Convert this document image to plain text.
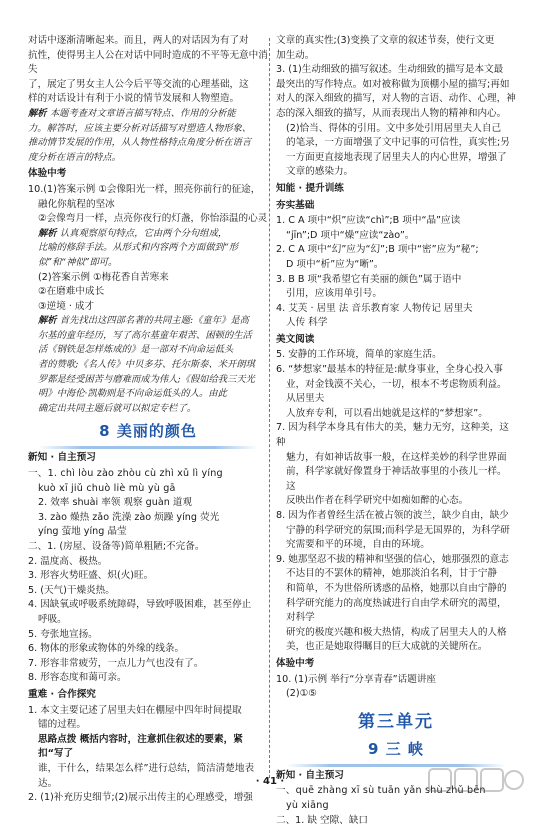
对话中逐渐清晰起来。而且，两人的对话因为有了对

抗性，使得男主人公在对话中同时造成的不平等无意中消失

了，展定了男女主人公今后平等交流的心理基础，这

样的对话设计有利于小说的情节发展和人物塑造。

解析 本题考查对文章语言描写特点、作用的分析能

力。解答时，应该主要分析对话描写对塑造人物形象、

推动情节发展的作用，从人物性格特点角度分析在语言

度分析在语言的特点。

体验中考

10.(1)答案示例 ①会像阳光一样，照亮你前行的征途，

融化你航程的坚冰

②会像弯月一样，点亮你夜行的灯盏，你怡添温的心灵

解析 认真观察原句特点，它由两个分句组成，

比喻的修辞手法。从形式和内容两个方面做到“形

似”和“神似”即可。

(2)答案示例 ①梅花香自苦寒来

②在磨难中成长

③逆境 · 成才

解析 首先找出这四部名著的共同主题:《童年》是高

尔基的童年经历，写了高尔基童年艰苦、困顿的生活

活《钢铁是怎样炼成的》是一部对不向命运低头

者的赞歌;《名人传》中贝多芬、托尔斯泰、米开朗琪

罗都是经受困苦与磨难而成为伟人;《假如给我三天光

明》中海伦·凯勒则是不向命运低头的人。由此

确定出共同主题后就可以拟定专栏了。

8 美丽的颜色

新知 · 自主预习

一、1. chì lòu zào zhòu cù zhì xǔ lì yíng

kuò xī jiǔ chuò liè mù yù gā

2. 效率 shuài 率领 观察 guàn 道观

3. zào 燥热 zǎo 洗澡 zào 烦躁 yíng 荧光

yíng 萤地 yíng 晶莹

二、1. (房屋、设备等)简单粗陋;不完备。

2. 温度高、极热。

3. 形容火势旺盛、炽(火)旺。

5. (天气)干燥炎热。

4. 因缺氧或呼吸系统障碍，导致呼吸困难，甚至停止

呼吸。

5. 夸张地宣扬。

6. 物体的形象或物体的外缘的线条。

7. 形容非常疲劳，一点儿力气也没有了。

8. 形容态度和蔼可亲。

重难 · 合作探究

1. 本文主要记述了居里夫妇在棚屋中四年时间提取

镭的过程。

思路点拨 概括内容时，注意抓住叙述的要素，紧扣“写了

谁，干什么，结果怎么样”进行总结，简洁清楚地表达。

2. (1)补充历史细节;(2)展示出传主的心理感受，增强

文章的真实性;(3)变换了文章的叙述节奏，使行文更

加生动。

3. (1)生动细致的描写叙述。生动细致的描写是本文最

最突出的写作特点。如对被称做为顶棚小屋的描写;再如

对人的深入细致的描写，对人物的言语、动作、心理，神

态的深入细致的描写，从而表现出人物的精神和内心。

(2)恰当、得体的引用。文中多处引用居里夫人自己

的笔录，一方面增强了文中记事的可信性，真实性;另

一方面更直接地表现了居里夫人的内心世界，增强了

文章的感染力。

知能 · 提升训练

夯实基础

1. C A 项中“炽”应读“chì”;B 项中“晶”应读

“jīn”;D 项中“燥”应读“zào”。

2. C A 项中“幻”应为“幻”;B 项中“密”应为“秘”;

D 项中“析”应为“晰”。

3. B B 项“我希望它有美丽的颜色”属于语中

引用，应该用单引号。

4. 艾芙 · 居里 法 音乐教育家 人物传记 居里夫

人传 科学

美文阅读

5. 安静的工作环境，简单的家庭生活。

6. “梦想家”最基本的特征是:献身事业，全身心投入事

业，对金钱漠不关心，一切，根本不考虑物质利益。从居里夫

人放弃专利，可以看出她就是这样的“梦想家”。

7. 因为科学本身具有伟大的美，魅力无穷，这种美，这种

魅力，有如神话故事一般，在这样美妙的科学世界面

前，科学家就好像置身于神话故事里的小孩儿一样。这

反映出作者在科学研究中如痴如醉的心态。

8. 因为作者曾经生活在被占领的波兰，缺少自由，缺少

宁静的科学研究的氛围;而科学是无国界的，为科学研

究需要和平的环境，自由的环境。

9. 她那坚忍不拔的精神和坚强的信心，她那强烈的意志

不达目的不罢休的精神，她那淡泊名利，甘于宁静

和简单，不为世俗所诱惑的品格，她那以自由宁静的

科学研究能力的高度热诚进行自由学术研究的渴望，对科学

研究的极度兴趣和极大热情，构成了居里夫人的人格

美，也正是她取得瞩目的巨大成就的关键所在。

体验中考

10. (1)示例 举行“分享青春”话题讲座

(2)①⑤

第三单元
9 三 峡

新知 · 自主预习

一、quē zhàng xī sù tuān yǎn shù zhǔ bēn

yù xiāng

二、1. 缺 空隙、缺口

· 41 ·
